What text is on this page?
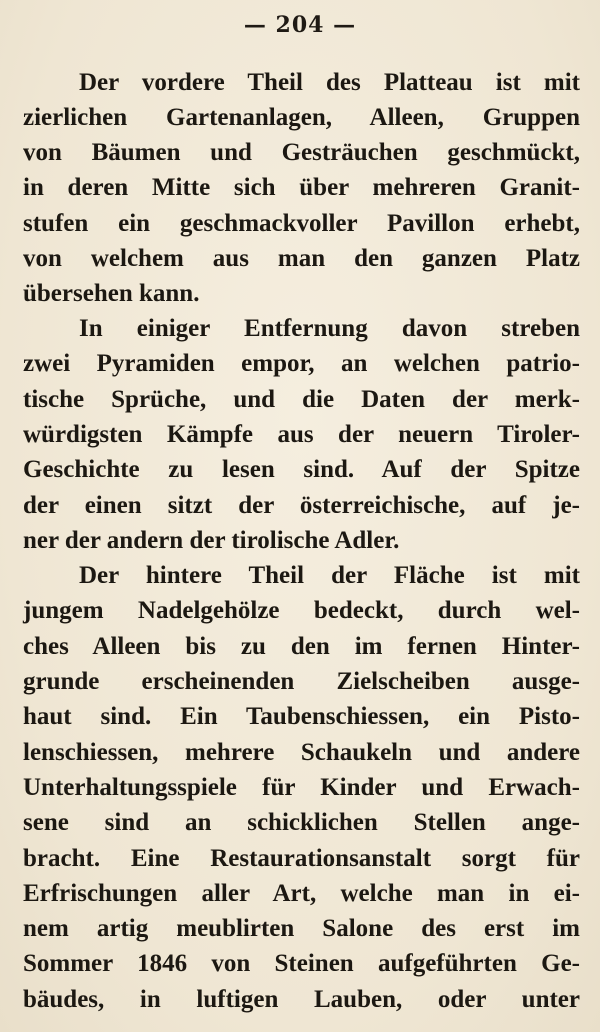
— 204 —
Der vordere Theil des Platteau ist mit
zierlichen Gartenanlagen, Alleen, Gruppen
von Bäumen und Gesträuchen geschmückt,
in deren Mitte sich über mehreren Granit-
stufen ein geschmackvoller Pavillon erhebt,
von welchem aus man den ganzen Platz
übersehen kann.
In einiger Entfernung davon streben
zwei Pyramiden empor, an welchen patrio-
tische Sprüche, und die Daten der merk-
würdigsten Kämpfe aus der neuern Tiroler-
Geschichte zu lesen sind. Auf der Spitze
der einen sitzt der österreichische, auf je-
ner der andern der tirolische Adler.
Der hintere Theil der Fläche ist mit
jungem Nadelgehölze bedeckt, durch wel-
ches Alleen bis zu den im fernen Hinter-
grunde erscheinenden Zielscheiben ausge-
haut sind. Ein Taubenschiessen, ein Pisto-
lenschiessen, mehrere Schaukeln und andere
Unterhaltungsspiele für Kinder und Erwach-
sene sind an schicklichen Stellen ange-
bracht. Eine Restaurationsanstalt sorgt für
Erfrischungen aller Art, welche man in ei-
nem artig meublirten Salone des erst im
Sommer 1846 von Steinen aufgeführten Ge-
bäudes, in luftigen Lauben, oder unter
